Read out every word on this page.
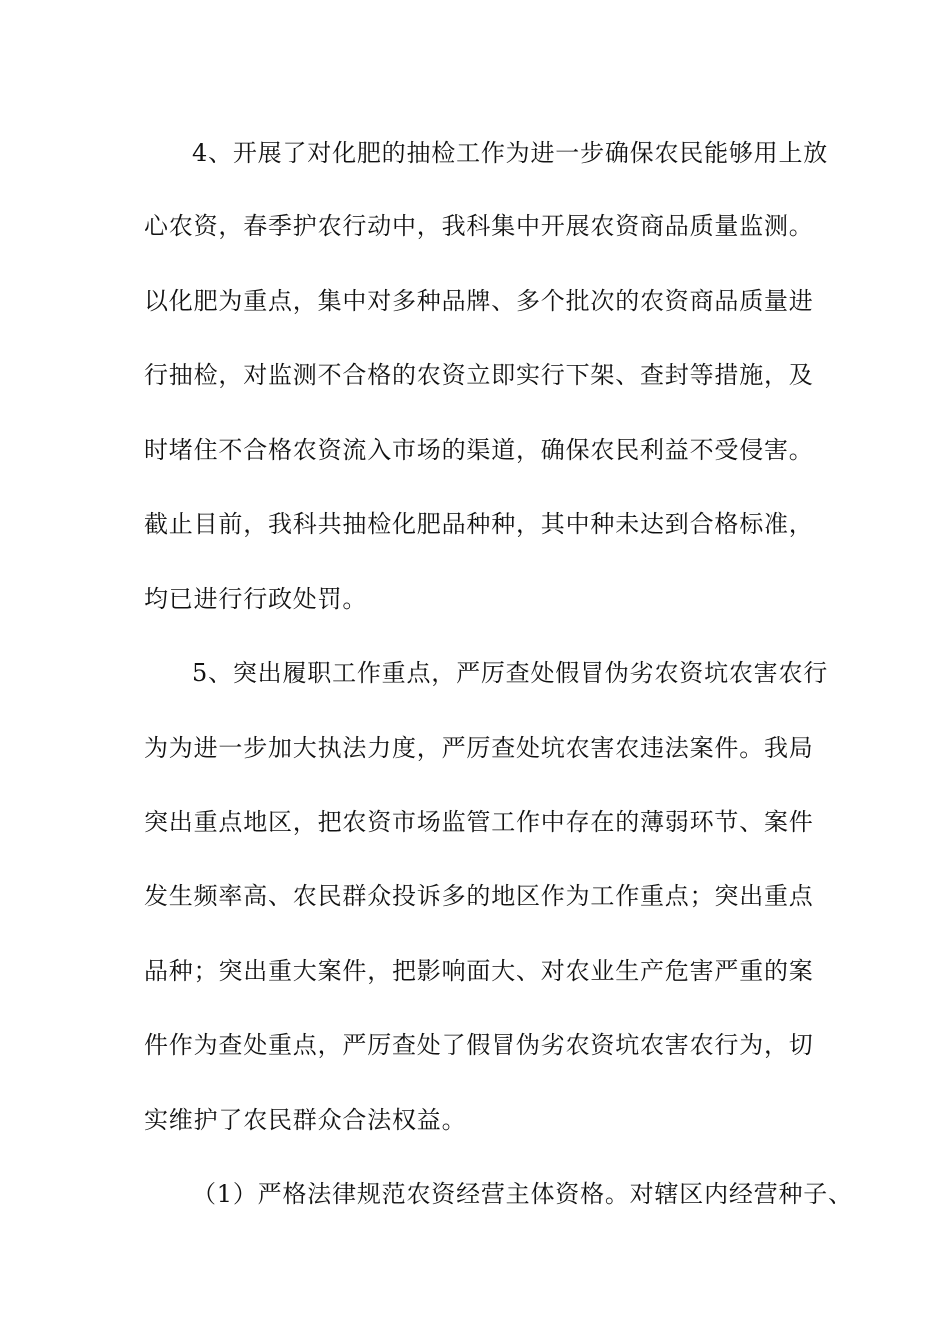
4、开展了对化肥的抽检工作为进一步确保农民能够用上放
心农资，春季护农行动中，我科集中开展农资商品质量监测。
以化肥为重点，集中对多种品牌、多个批次的农资商品质量进
行抽检，对监测不合格的农资立即实行下架、查封等措施，及
时堵住不合格农资流入市场的渠道，确保农民利益不受侵害。
截止目前，我科共抽检化肥品种种，其中种未达到合格标准，
均已进行行政处罚。
5、突出履职工作重点，严厉查处假冒伪劣农资坑农害农行
为为进一步加大执法力度，严厉查处坑农害农违法案件。我局
突出重点地区，把农资市场监管工作中存在的薄弱环节、案件
发生频率高、农民群众投诉多的地区作为工作重点；突出重点
品种；突出重大案件，把影响面大、对农业生产危害严重的案
件作为查处重点，严厉查处了假冒伪劣农资坑农害农行为，切
实维护了农民群众合法权益。
（1）严格法律规范农资经营主体资格。对辖区内经营种子、
